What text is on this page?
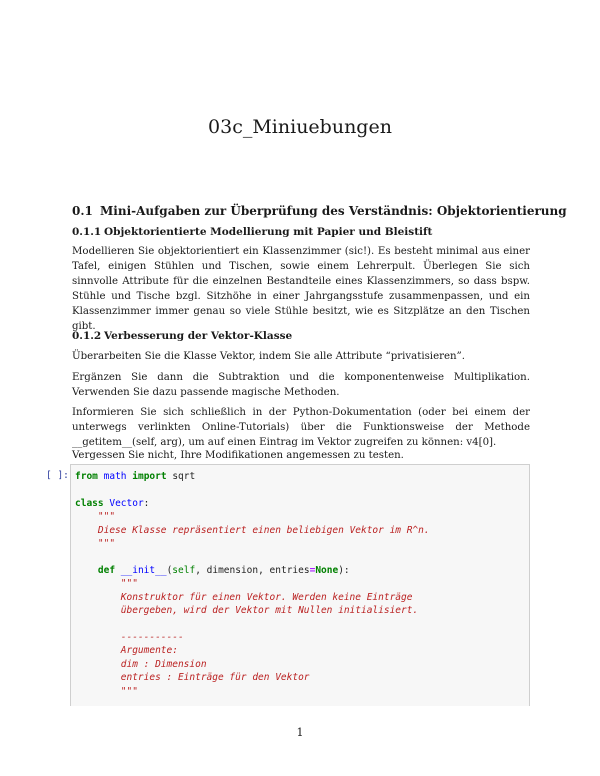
03c_Miniuebungen
0.1 Mini-Aufgaben zur Überprüfung des Verständnis: Objektorientierung
0.1.1 Objektorientierte Modellierung mit Papier und Bleistift
Modellieren Sie objektorientiert ein Klassenzimmer (sic!). Es besteht minimal aus einer Tafel, einigen Stühlen und Tischen, sowie einem Lehrerpult. Überlegen Sie sich sinnvolle Attribute für die einzelnen Bestandteile eines Klassenzimmers, so dass bspw. Stühle und Tische bzgl. Sitzhöhe in einer Jahrgangsstufe zusammenpassen, und ein Klassenzimmer immer genau so viele Stühle besitzt, wie es Sitzplätze an den Tischen gibt.
0.1.2 Verbesserung der Vektor-Klasse
Überarbeiten Sie die Klasse Vektor, indem Sie alle Attribute “privatisieren”.
Ergänzen Sie dann die Subtraktion und die komponentenweise Multiplikation. Verwenden Sie dazu passende magische Methoden.
Informieren Sie sich schließlich in der Python-Dokumentation (oder bei einem der unterwegs verlinkten Online-Tutorials) über die Funktionsweise der Methode __getitem__(self, arg), um auf einen Eintrag im Vektor zugreifen zu können: v4[0].
Vergessen Sie nicht, Ihre Modifikationen angemessen zu testen.
[ ]: from math import sqrt

class Vector:
"""
Diese Klasse repräsentiert einen beliebigen Vektor im R^n.
"""

def __init__(self, dimension, entries=None):
"""
Konstruktor für einen Vektor. Werden keine Einträge
übergeben, wird der Vektor mit Nullen initialisiert.

-----------
Argumente:
dim : Dimension
entries : Einträge für den Vektor
"""
1
